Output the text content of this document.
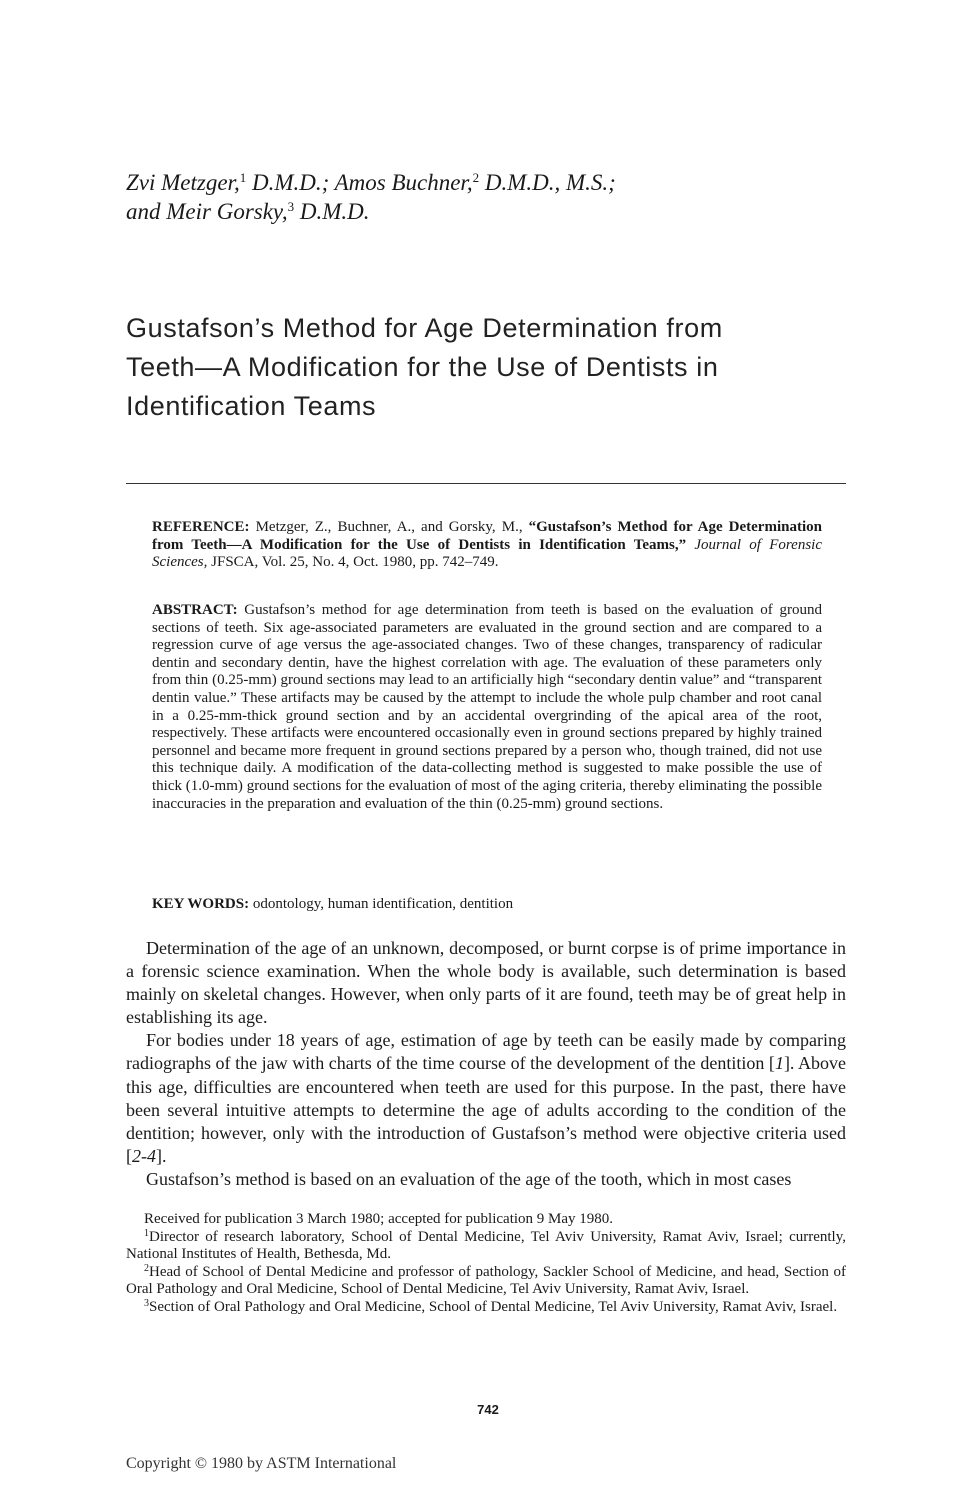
Zvi Metzger,$^1$ D.M.D.; Amos Buchner,$^2$ D.M.D., M.S.;
and Meir Gorsky,$^3$ D.M.D.
Gustafson’s Method for Age Determination from
Teeth—A Modification for the Use of Dentists in
Identification Teams
REFERENCE: Metzger, Z., Buchner, A., and Gorsky, M., “Gustafson’s Method for Age Determination from Teeth—A Modification for the Use of Dentists in Identification Teams,” Journal of Forensic Sciences, JFSCA, Vol. 25, No. 4, Oct. 1980, pp. 742–749.
ABSTRACT: Gustafson’s method for age determination from teeth is based on the evaluation of ground sections of teeth. Six age-associated parameters are evaluated in the ground section and are compared to a regression curve of age versus the age-associated changes. Two of these changes, transparency of radicular dentin and secondary dentin, have the highest correlation with age. The evaluation of these parameters only from thin (0.25-mm) ground sections may lead to an artificially high “secondary dentin value” and “transparent dentin value.” These artifacts may be caused by the attempt to include the whole pulp chamber and root canal in a 0.25-mm-thick ground section and by an accidental overgrinding of the apical area of the root, respectively. These artifacts were encountered occasionally even in ground sections prepared by highly trained personnel and became more frequent in ground sections prepared by a person who, though trained, did not use this technique daily. A modification of the data-collecting method is suggested to make possible the use of thick (1.0-mm) ground sections for the evaluation of most of the aging criteria, thereby eliminating the possible inaccuracies in the preparation and evaluation of the thin (0.25-mm) ground sections.
KEY WORDS: odontology, human identification, dentition

Determination of the age of an unknown, decomposed, or burnt corpse is of prime importance in a forensic science examination. When the whole body is available, such determination is based mainly on skeletal changes. However, when only parts of it are found, teeth may be of great help in establishing its age.

For bodies under 18 years of age, estimation of age by teeth can be easily made by comparing radiographs of the jaw with charts of the time course of the development of the dentition [1]. Above this age, difficulties are encountered when teeth are used for this purpose. In the past, there have been several intuitive attempts to determine the age of adults according to the condition of the dentition; however, only with the introduction of Gustafson’s method were objective criteria used [2-4].

Gustafson’s method is based on an evaluation of the age of the tooth, which in most cases

Received for publication 3 March 1980; accepted for publication 9 May 1980.

$^1$Director of research laboratory, School of Dental Medicine, Tel Aviv University, Ramat Aviv, Israel; currently, National Institutes of Health, Bethesda, Md.

$^2$Head of School of Dental Medicine and professor of pathology, Sackler School of Medicine, and head, Section of Oral Pathology and Oral Medicine, School of Dental Medicine, Tel Aviv University, Ramat Aviv, Israel.

$^3$Section of Oral Pathology and Oral Medicine, School of Dental Medicine, Tel Aviv University, Ramat Aviv, Israel.

742
Copyright © 1980 by ASTM International
